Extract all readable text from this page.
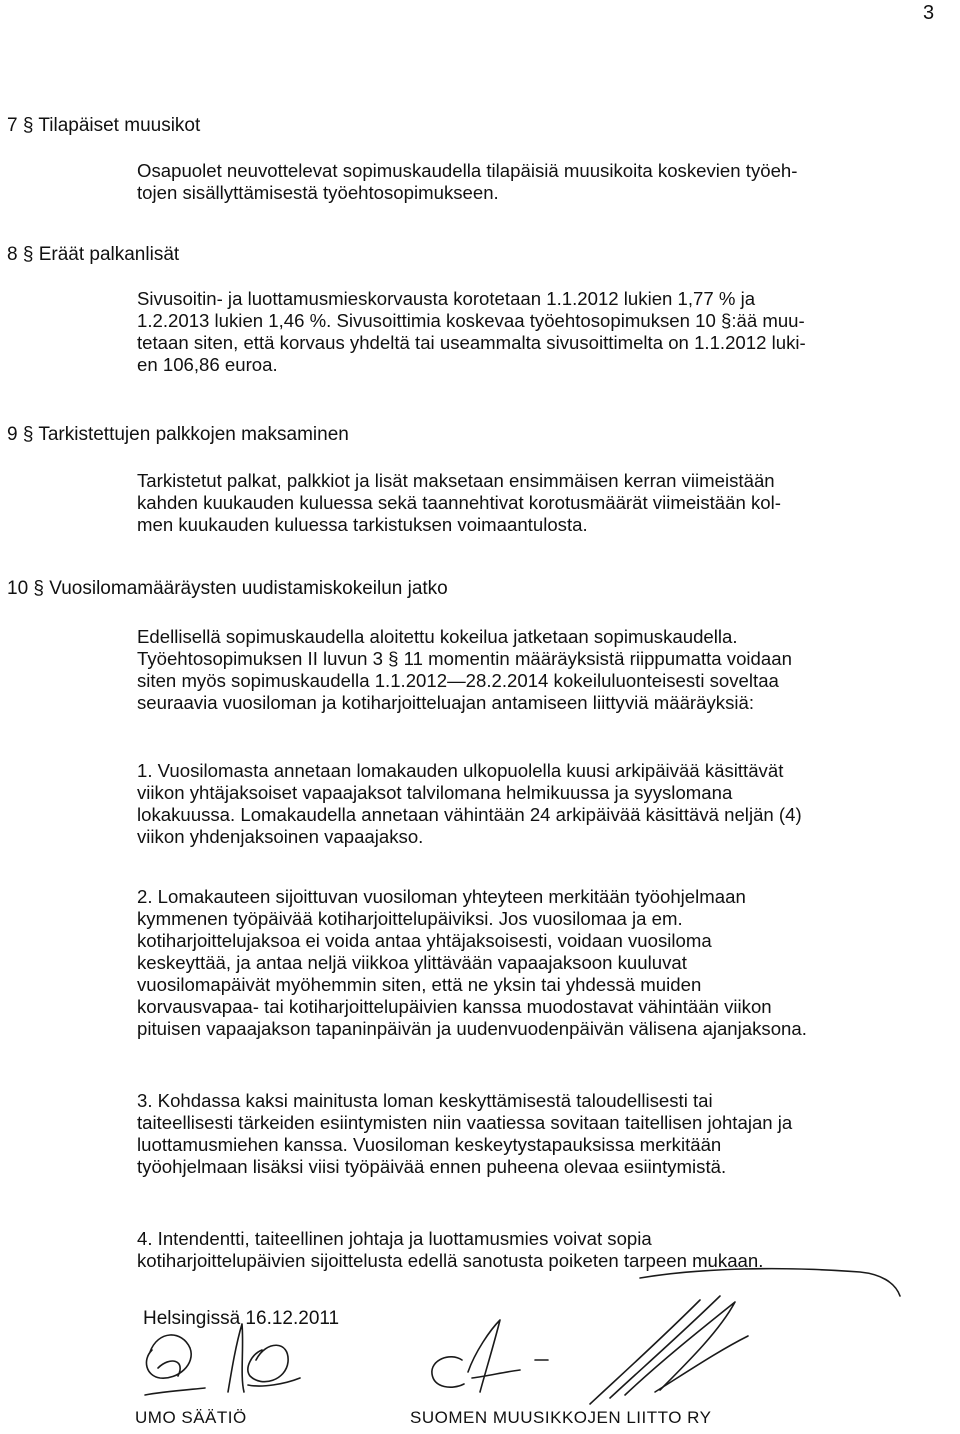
3
7 § Tilapäiset muusikot
Osapuolet neuvottelevat sopimuskaudella tilapäisiä muusikoita koskevien työeh-
tojen sisällyttämisestä työehtosopimukseen.
8 § Eräät palkanlisät
Sivusoitin- ja luottamusmieskorvausta korotetaan 1.1.2012 lukien 1,77 % ja
1.2.2013 lukien 1,46 %. Sivusoittimia koskevaa työehtosopimuksen 10 §:ää muu-
tetaan siten, että korvaus yhdeltä tai useammalta sivusoittimelta on 1.1.2012 luki-
en 106,86 euroa.
9 § Tarkistettujen palkkojen maksaminen
Tarkistetut palkat, palkkiot ja lisät maksetaan ensimmäisen kerran viimeistään
kahden kuukauden kuluessa sekä taannehtivat korotusmäärät viimeistään kol-
men kuukauden kuluessa tarkistuksen voimaantulosta.
10 § Vuosilomamääräysten uudistamiskokeilun jatko
Edellisellä sopimuskaudella aloitettu kokeilua jatketaan sopimuskaudella.
Työehtosopimuksen II luvun 3 § 11 momentin määräyksistä riippumatta voidaan
siten myös sopimuskaudella 1.1.2012—28.2.2014 kokeiluluonteisesti soveltaa
seuraavia vuosiloman ja kotiharjoitteluajan antamiseen liittyviä määräyksiä:
1. Vuosilomasta annetaan lomakauden ulkopuolella kuusi arkipäivää käsittävät
viikon yhtäjaksoiset vapaajaksot talvilomana helmikuussa ja syyslomana
lokakuussa. Lomakaudella annetaan vähintään 24 arkipäivää käsittävä neljän (4)
viikon yhdenjaksoinen vapaajakso.
2. Lomakauteen sijoittuvan vuosiloman yhteyteen merkitään työohjelmaan
kymmenen työpäivää kotiharjoittelupäiviksi. Jos vuosilomaa ja em.
kotiharjoittelujaksoa ei voida antaa yhtäjaksoisesti, voidaan vuosiloma
keskeyttää, ja antaa neljä viikkoa ylittävään vapaajaksoon kuuluvat
vuosilomapäivät myöhemmin siten, että ne yksin tai yhdessä muiden
korvausvapaa- tai kotiharjoittelupäivien kanssa muodostavat vähintään viikon
pituisen vapaajakson tapaninpäivän ja uudenvuodenpäivän välisena ajanjaksona.
3. Kohdassa kaksi mainitusta loman keskyttämisestä taloudellisesti tai
taiteellisesti tärkeiden esiintymisten niin vaatiessa sovitaan taitellisen johtajan ja
luottamusmiehen kanssa. Vuosiloman keskeytystapauksissa merkitään
työohjelmaan lisäksi viisi työpäivää ennen puheena olevaa esiintymistä.
4. Intendentti, taiteellinen johtaja ja luottamusmies voivat sopia
kotiharjoittelupäivien sijoittelusta edellä sanotusta poiketen tarpeen mukaan.
Helsingissä 16.12.2011
UMO SÄÄTIÖ	SUOMEN MUUSIKKOJEN LIITTO RY
